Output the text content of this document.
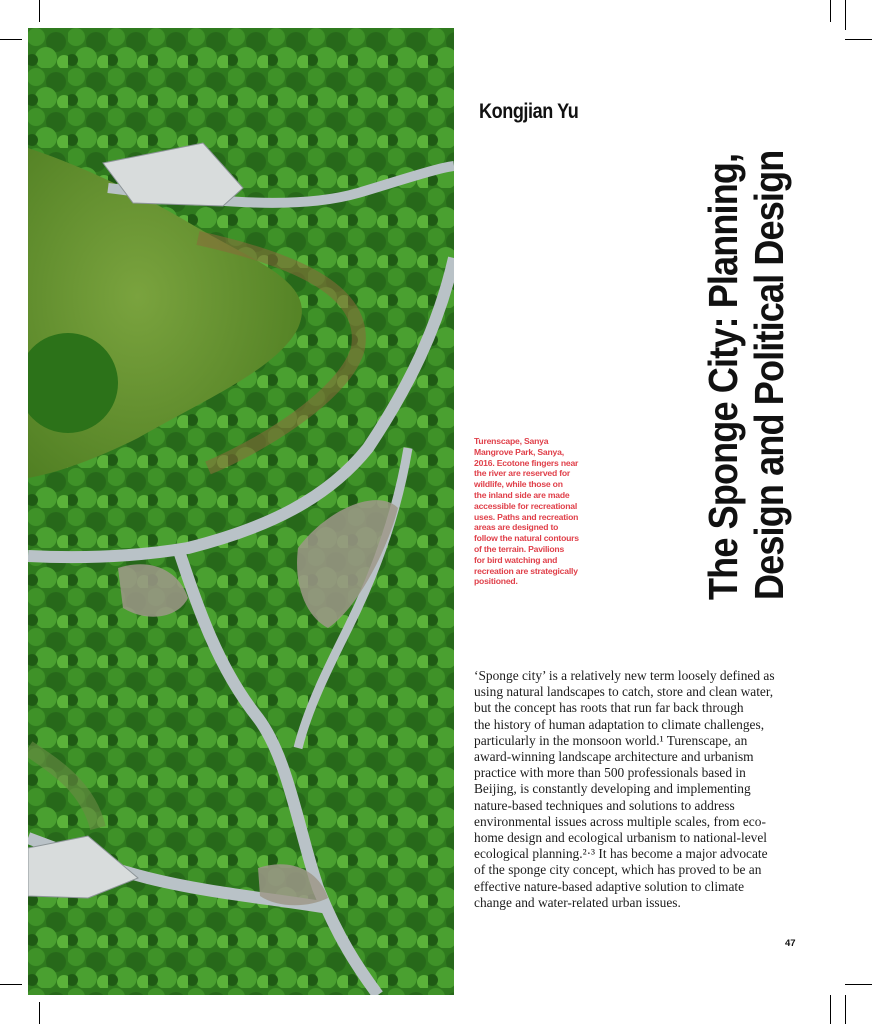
Kongjian Yu
The Sponge City: Planning, Design and Political Design
Turenscape, Sanya
Mangrove Park, Sanya,
2016. Ecotone fingers near
the river are reserved for
wildlife, while those on
the inland side are made
accessible for recreational
uses. Paths and recreation
areas are designed to
follow the natural contours
of the terrain. Pavilions
for bird watching and
recreation are strategically
positioned.
‘Sponge city’ is a relatively new term loosely defined as
using natural landscapes to catch, store and clean water,
but the concept has roots that run far back through
the history of human adaptation to climate challenges,
particularly in the monsoon world.¹ Turenscape, an
award-winning landscape architecture and urbanism
practice with more than 500 professionals based in
Beijing, is constantly developing and implementing
nature-based techniques and solutions to address
environmental issues across multiple scales, from eco-
home design and ecological urbanism to national-level
ecological planning.²·³ It has become a major advocate
of the sponge city concept, which has proved to be an
effective nature-based adaptive solution to climate
change and water-related urban issues.
47
